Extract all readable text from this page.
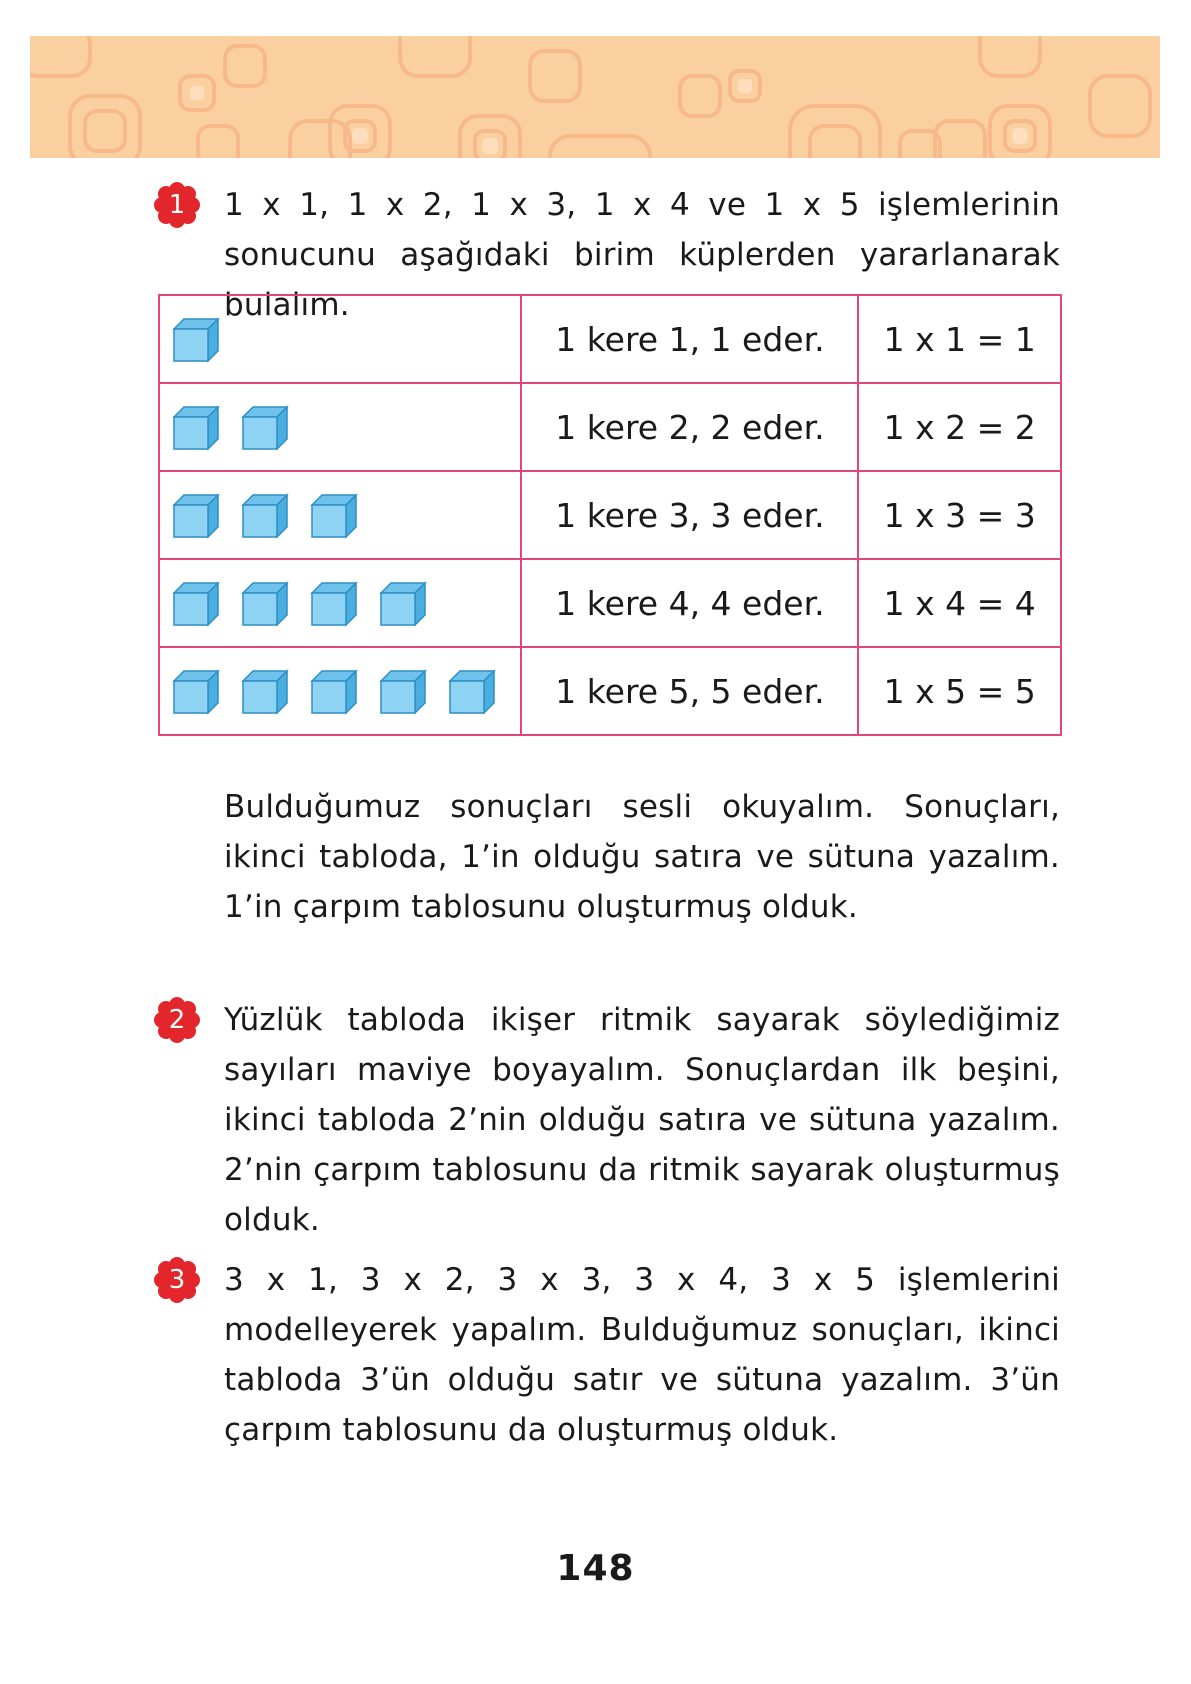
1	1 x 1, 1 x 2, 1 x 3, 1 x 4 ve 1 x 5 işlemlerinin sonucunu aşağıdaki birim küplerden yararlanarak bulalım.

	1 kere 1, 1 eder.	1 x 1 = 1

	1 kere 2, 2 eder.	1 x 2 = 2

	1 kere 3, 3 eder.	1 x 3 = 3

	1 kere 4, 4 eder.	1 x 4 = 4

	1 kere 5, 5 eder.	1 x 5 = 5

Bulduğumuz sonuçları sesli okuyalım. Sonuçları, ikinci tabloda, 1’in olduğu satıra ve sütuna yazalım. 1’in çarpım tablosunu oluşturmuş olduk.

2	Yüzlük tabloda ikişer ritmik sayarak söylediğimiz sayıları maviye boyayalım. Sonuçlardan ilk beşini, ikinci tabloda 2’nin olduğu satıra ve sütuna yazalım. 2’nin çarpım tablosunu da ritmik sayarak oluşturmuş olduk.

3	3 x 1, 3 x 2, 3 x 3, 3 x 4, 3 x 5 işlemlerini modelleyerek yapalım. Bulduğumuz sonuçları, ikinci tabloda 3’ün olduğu satır ve sütuna yazalım. 3’ün çarpım tablosunu da oluşturmuş olduk.

148
